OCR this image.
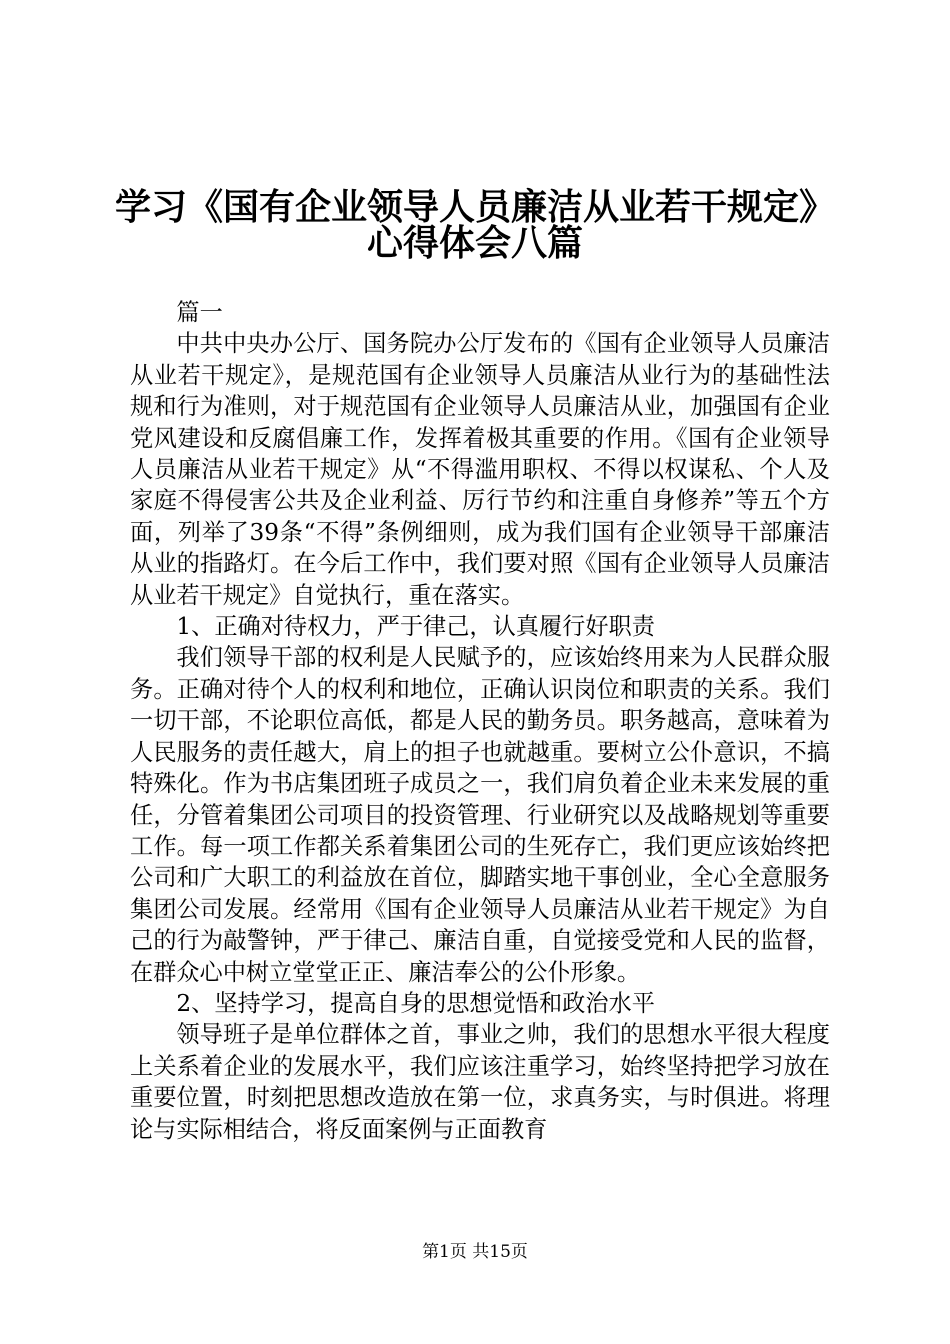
学习《国有企业领导人员廉洁从业若干规定》
心得体会八篇

篇一

中共中央办公厅、国务院办公厅发布的《国有企业领导人员廉洁从业若干规定》，是规范国有企业领导人员廉洁从业行为的基础性法规和行为准则，对于规范国有企业领导人员廉洁从业，加强国有企业党风建设和反腐倡廉工作，发挥着极其重要的作用。《国有企业领导人员廉洁从业若干规定》从“不得滥用职权、不得以权谋私、个人及家庭不得侵害公共及企业利益、厉行节约和注重自身修养”等五个方面，列举了39条“不得”条例细则，成为我们国有企业领导干部廉洁从业的指路灯。在今后工作中，我们要对照《国有企业领导人员廉洁从业若干规定》自觉执行，重在落实。

1、正确对待权力，严于律己，认真履行好职责

我们领导干部的权利是人民赋予的，应该始终用来为人民群众服务。正确对待个人的权利和地位，正确认识岗位和职责的关系。我们一切干部，不论职位高低，都是人民的勤务员。职务越高，意味着为人民服务的责任越大，肩上的担子也就越重。要树立公仆意识，不搞特殊化。作为书店集团班子成员之一，我们肩负着企业未来发展的重任，分管着集团公司项目的投资管理、行业研究以及战略规划等重要工作。每一项工作都关系着集团公司的生死存亡，我们更应该始终把公司和广大职工的利益放在首位，脚踏实地干事创业，全心全意服务集团公司发展。经常用《国有企业领导人员廉洁从业若干规定》为自己的行为敲警钟，严于律己、廉洁自重，自觉接受党和人民的监督，在群众心中树立堂堂正正、廉洁奉公的公仆形象。

2、坚持学习，提高自身的思想觉悟和政治水平

领导班子是单位群体之首，事业之帅，我们的思想水平很大程度上关系着企业的发展水平，我们应该注重学习，始终坚持把学习放在重要位置，时刻把思想改造放在第一位，求真务实，与时俱进。将理论与实际相结合，将反面案例与正面教育

第1页 共15页
